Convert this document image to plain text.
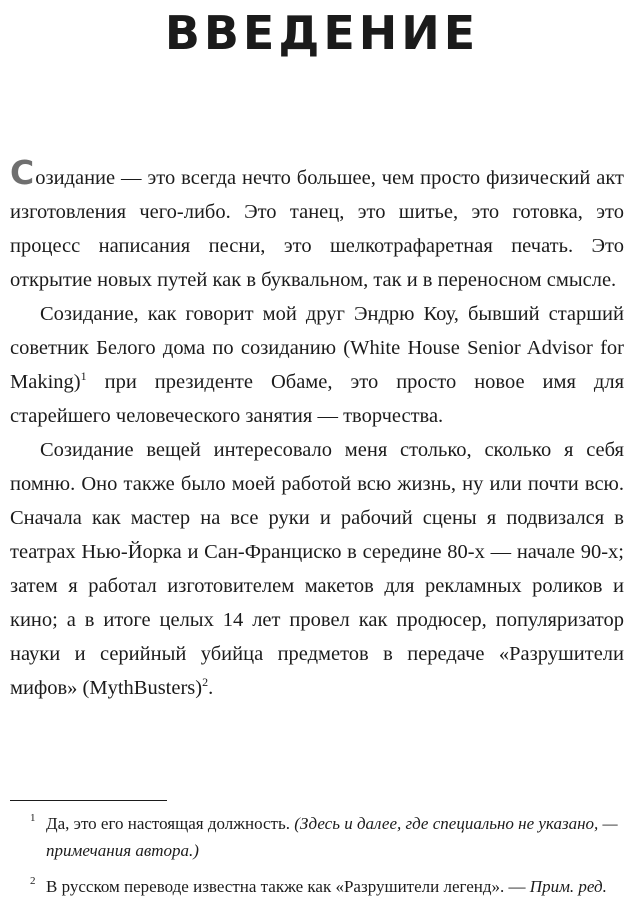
ВВЕДЕНИЕ

Созидание — это всегда нечто большее, чем просто физический акт изготовления чего-либо. Это танец, это шитье, это готовка, это процесс написания песни, это шелкотрафаретная печать. Это открытие новых путей как в буквальном, так и в переносном смысле.

Созидание, как говорит мой друг Эндрю Коу, бывший старший советник Белого дома по созиданию (White House Senior Advisor for Making)$^1$ при президенте Обаме, это просто новое имя для старейшего человеческого занятия — творчества.

Созидание вещей интересовало меня столько, сколько я себя помню. Оно также было моей работой всю жизнь, ну или почти всю. Сначала как мастер на все руки и рабочий сцены я подвизался в театрах Нью-Йорка и Сан-Франциско в середине 80-х — начале 90-х; затем я работал изготовителем макетов для рекламных роликов и кино; а в итоге целых 14 лет провел как продюсер, популяризатор науки и серийный убийца предметов в передаче «Разрушители мифов» (MythBusters)$^2$.

1 Да, это его настоящая должность. (Здесь и далее, где специально не указано, — примечания автора.)
2 В русском переводе известна также как «Разрушители легенд». — Прим. ред.
